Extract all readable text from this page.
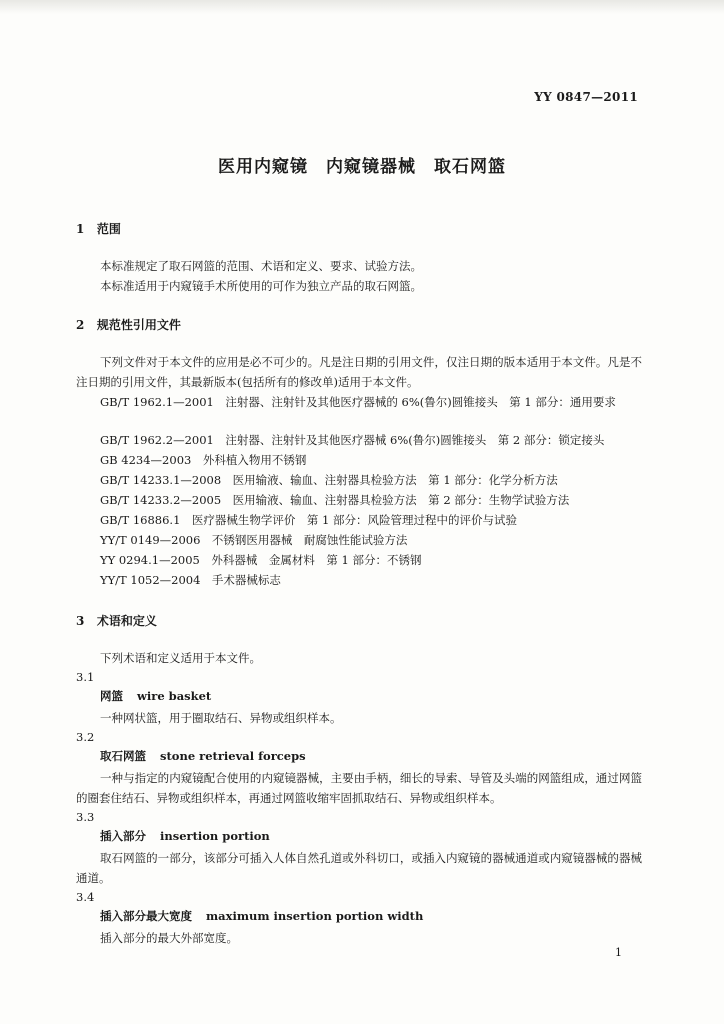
YY 0847—2011
医用内窥镜　内窥镜器械　取石网篮
1 范围
本标准规定了取石网篮的范围、术语和定义、要求、试验方法。
本标准适用于内窥镜手术所使用的可作为独立产品的取石网篮。
2 规范性引用文件
下列文件对于本文件的应用是必不可少的。凡是注日期的引用文件，仅注日期的版本适用于本文件。凡是不注日期的引用文件，其最新版本(包括所有的修改单)适用于本文件。
GB/T 1962.1—2001　注射器、注射针及其他医疗器械的 6%(鲁尔)圆锥接头　第 1 部分：通用要求
GB/T 1962.2—2001　注射器、注射针及其他医疗器械 6%(鲁尔)圆锥接头　第 2 部分：锁定接头
GB 4234—2003　外科植入物用不锈钢
GB/T 14233.1—2008　医用输液、输血、注射器具检验方法　第 1 部分：化学分析方法
GB/T 14233.2—2005　医用输液、输血、注射器具检验方法　第 2 部分：生物学试验方法
GB/T 16886.1　医疗器械生物学评价　第 1 部分：风险管理过程中的评价与试验
YY/T 0149—2006　不锈钢医用器械　耐腐蚀性能试验方法
YY 0294.1—2005　外科器械　金属材料　第 1 部分：不锈钢
YY/T 1052—2004　手术器械标志
3 术语和定义
下列术语和定义适用于本文件。
3.1
网篮 wire basket
一种网状篮，用于圈取结石、异物或组织样本。
3.2
取石网篮 stone retrieval forceps
一种与指定的内窥镜配合使用的内窥镜器械，主要由手柄，细长的导索、导管及头端的网篮组成，通过网篮的圈套住结石、异物或组织样本，再通过网篮收缩牢固抓取结石、异物或组织样本。
3.3
插入部分 insertion portion
取石网篮的一部分，该部分可插入人体自然孔道或外科切口，或插入内窥镜的器械通道或内窥镜器械的器械通道。
3.4
插入部分最大宽度 maximum insertion portion width
插入部分的最大外部宽度。
1
